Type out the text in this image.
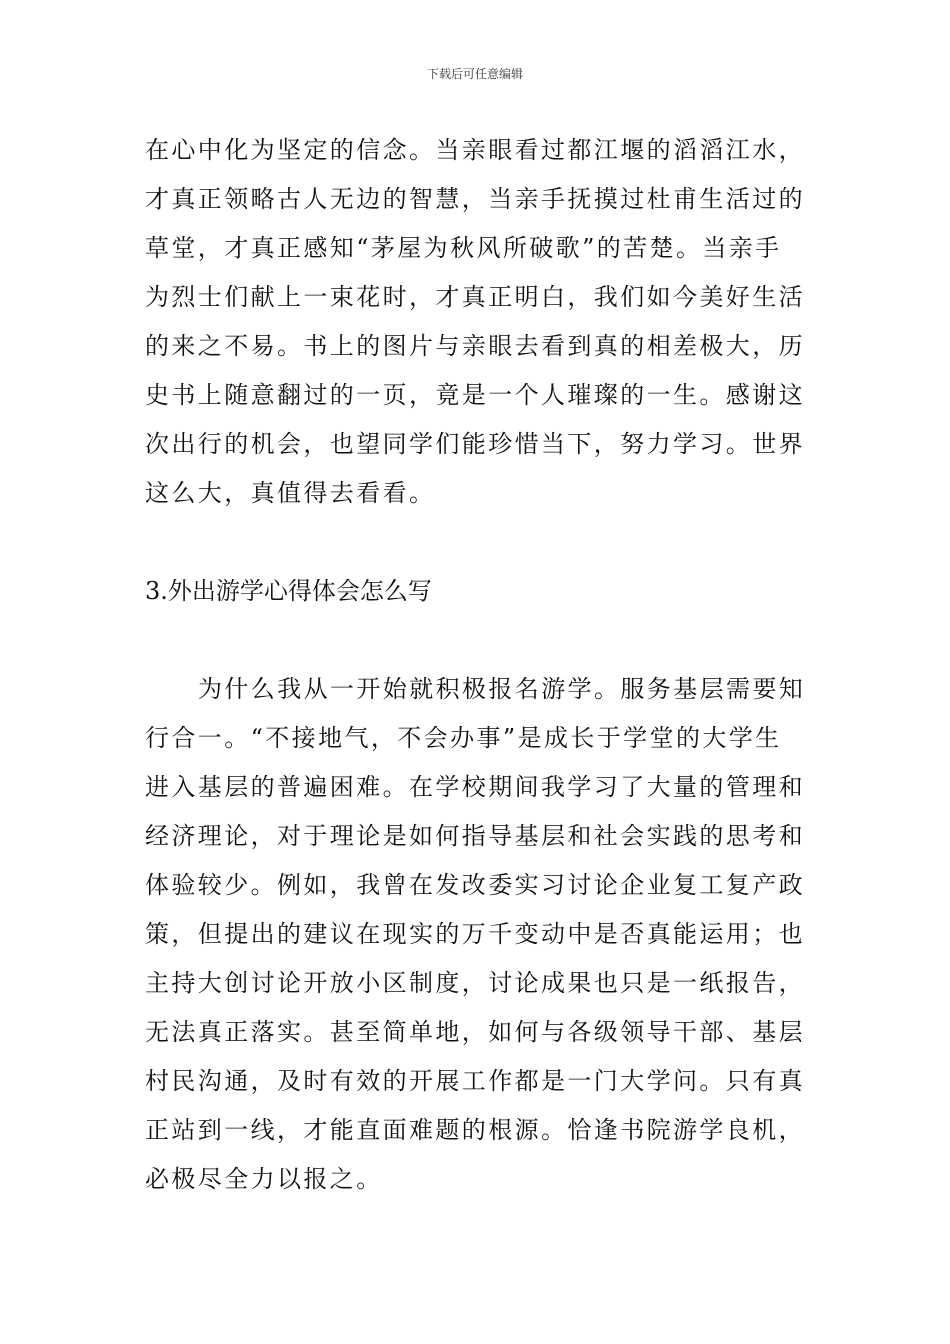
下载后可任意编辑
在心中化为坚定的信念。当亲眼看过都江堰的滔滔江水，
才真正领略古人无边的智慧，当亲手抚摸过杜甫生活过的
草堂，才真正感知“茅屋为秋风所破歌”的苦楚。当亲手
为烈士们献上一束花时，才真正明白，我们如今美好生活
的来之不易。书上的图片与亲眼去看到真的相差极大，历
史书上随意翻过的一页，竟是一个人璀璨的一生。感谢这
次出行的机会，也望同学们能珍惜当下，努力学习。世界
这么大，真值得去看看。
3.外出游学心得体会怎么写
为什么我从一开始就积极报名游学。服务基层需要知
行合一。“不接地气，不会办事”是成长于学堂的大学生
进入基层的普遍困难。在学校期间我学习了大量的管理和
经济理论，对于理论是如何指导基层和社会实践的思考和
体验较少。例如，我曾在发改委实习讨论企业复工复产政
策，但提出的建议在现实的万千变动中是否真能运用；也
主持大创讨论开放小区制度，讨论成果也只是一纸报告，
无法真正落实。甚至简单地，如何与各级领导干部、基层
村民沟通，及时有效的开展工作都是一门大学问。只有真
正站到一线，才能直面难题的根源。恰逢书院游学良机，
必极尽全力以报之。
